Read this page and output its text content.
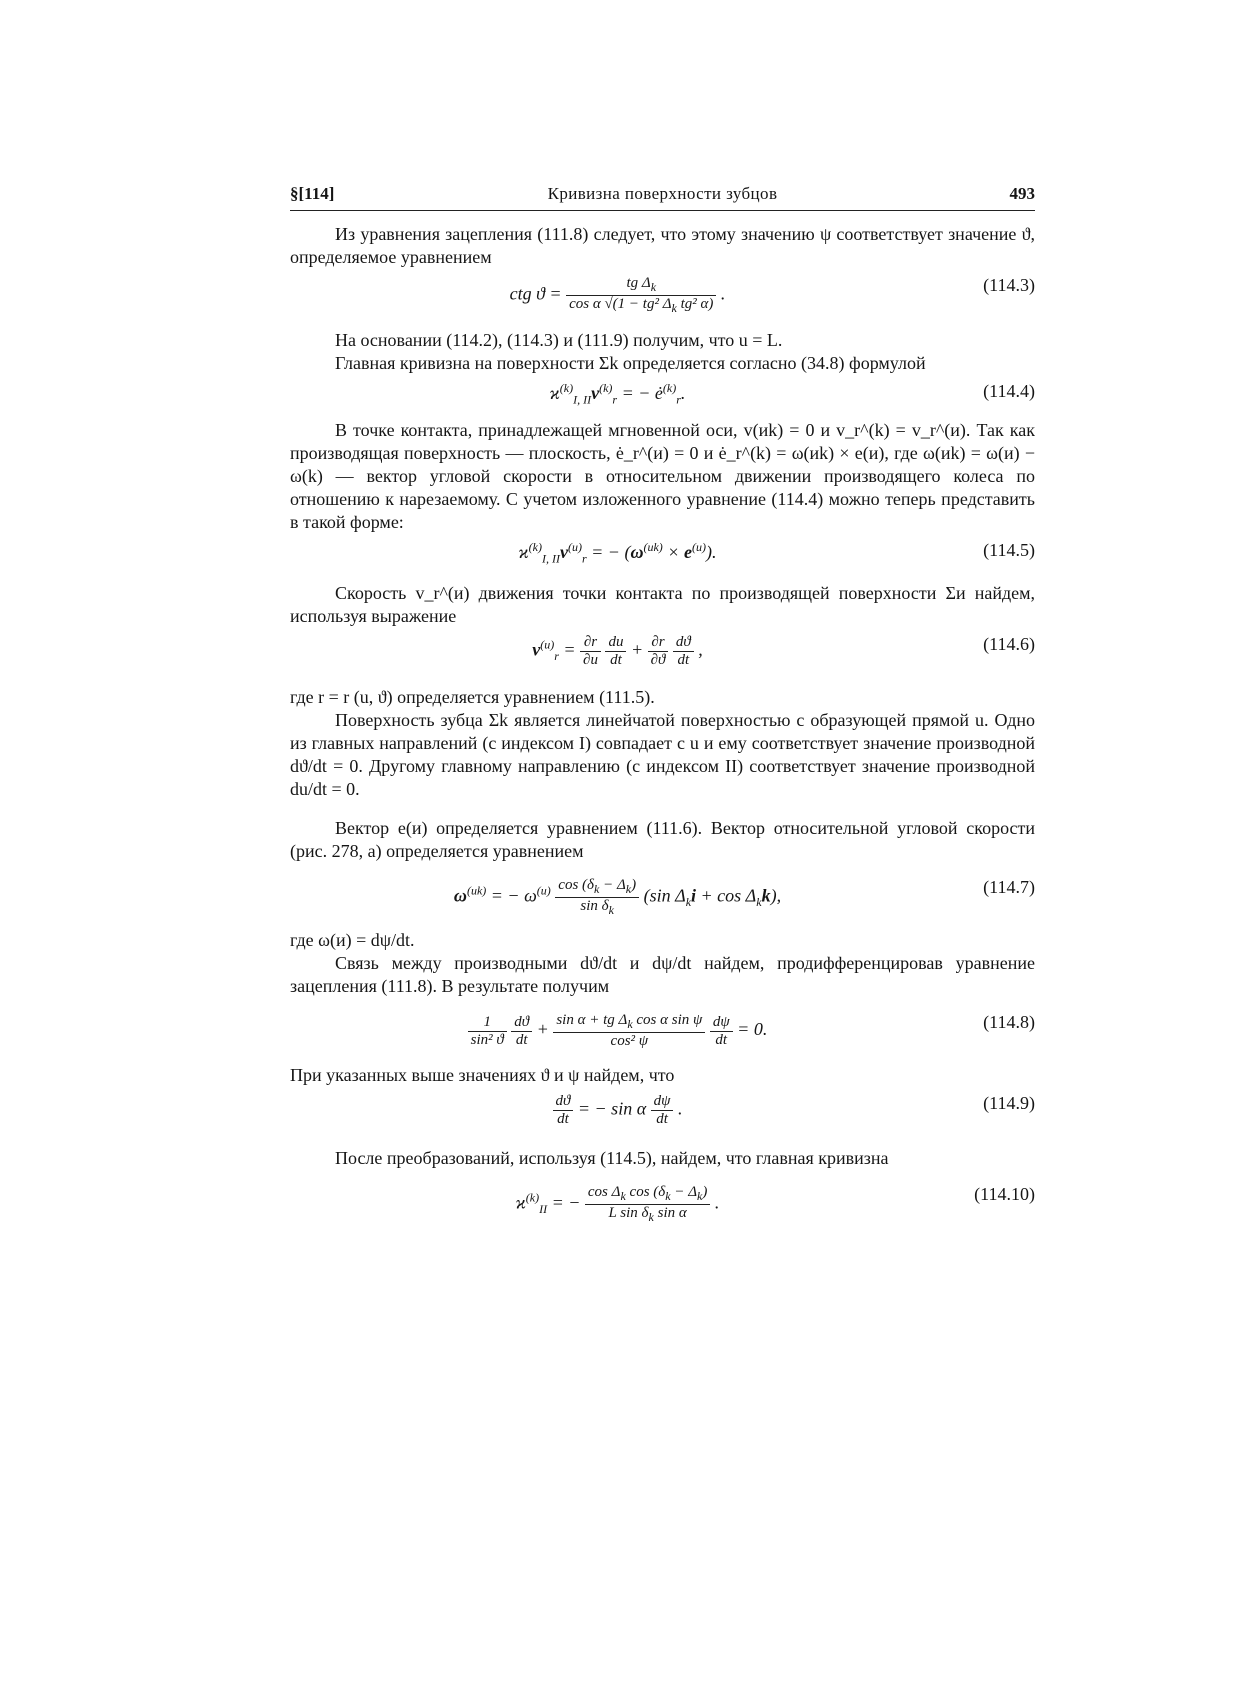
§[114]	Кривизна поверхности зубцов	493

Из уравнения зацепления (111.8) следует, что этому значению ψ соответствует значение ϑ, определяемое уравнением

ctg $ϑ = \frac{tg \Delta_k}{\cos \alpha √(1 - tg^2 \Delta_k tg^2 \alpha)}$ .	(114.3)

На основании (114.2), (114.3) и (111.9) получим, что u = L.

Главная кривизна на поверхности Σk определяется согласно (34.8) формулой

$ϰ^{(k)}_{I, II}v^{(k)}_r$ = − $ė^{(k)}_r$.	(114.4)

В точке контакта, принадлежащей мгновенной оси, v(иk) = 0 и v_r^(k) = v_r^(и). Так как производящая поверхность — плоскость, ė_r^(и) = 0 и ė_r^(k) = ω(иk) × e(и), где ω(иk) = ω(и) − ω(k) — вектор угловой скорости в относительном движении производящего колеса по отношению к нарезаемому. С учетом изложенного уравнение (114.4) можно теперь представить в такой форме:

$ϰ^{(k)}_{I, II}v^{(и)}_r$ = − $(\omega^{(иk)} \times e^{(и)})$.	(114.5)

Скорость v_r^(и) движения точки контакта по производящей поверхности Σи найдем, используя выражение

$v^{(и)}_r = \frac{\partial r}{\partial u}$
$\frac{du}{dt} + \frac{\partial r}{\partial ϑ}$
$\frac{dϑ}{dt}$ ,	(114.6)

где r = r (u, ϑ) определяется уравнением (111.5).

Поверхность зубца Σk является линейчатой поверхностью с образующей прямой u. Одно из главных направлений (с индексом I) совпадает с u и ему соответствует значение производной dϑ/dt = 0. Другому главному направлению (с индексом II) соответствует значение производной du/dt = 0.

Вектор e(и) определяется уравнением (111.6). Вектор относительной угловой скорости (рис. 278, a) определяется уравнением

$\omega^{(иk)}$ = − $\omega^{(и)} \frac{\cos (\delta_k - \Delta_k)}{\sin \delta_k} (\sin$ $\Delta_ki + \cos \Delta_kk$),	(114.7)

где ω(и) = dψ/dt.

Связь между производными dϑ/dt и dψ/dt найдем, продифференцировав уравнение зацепления (111.8). В результате получим

$\frac{1}{\text{sin² ϑ}}$
$\frac{dϑ}{dt} + \frac{\sin \alpha + tg \Delta_k \cos \alpha \sin \psi}{\text{cos² ψ}}$
$\frac{d\psi}{dt} = 0$.	(114.8)

При указанных выше значениях ϑ и ψ найдем, что

$\frac{dϑ}{dt}$ = − sin α $\frac{d\psi}{dt}$ .	(114.9)

После преобразований, используя (114.5), найдем, что главная кривизна

$ϰ^{(k)}_{II}$ = − $\frac{\cos \Delta_k \cos (\delta_k - \Delta_k)}{L \sin \delta_k \sin \alpha}$ .	(114.10)
